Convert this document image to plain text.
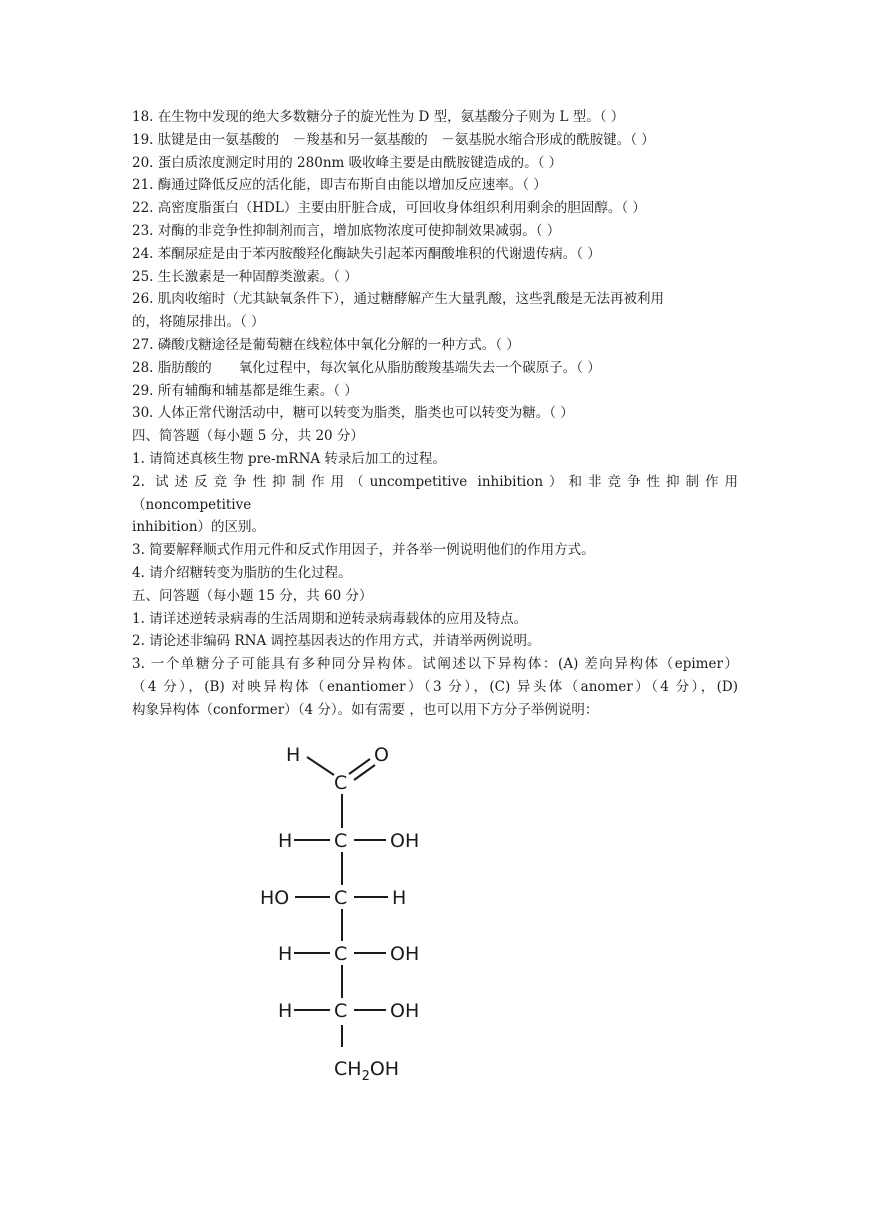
18. 在生物中发现的绝大多数糖分子的旋光性为 D 型，氨基酸分子则为 L 型。（ ）
19. 肽键是由一氨基酸的　－羧基和另一氨基酸的　－氨基脱水缩合形成的酰胺键。（ ）
20. 蛋白质浓度测定时用的 280nm 吸收峰主要是由酰胺键造成的。（ ）
21. 酶通过降低反应的活化能，即吉布斯自由能以增加反应速率。（ ）
22. 高密度脂蛋白（HDL）主要由肝脏合成，可回收身体组织利用剩余的胆固醇。（ ）
23. 对酶的非竞争性抑制剂而言，增加底物浓度可使抑制效果减弱。（ ）
24. 苯酮尿症是由于苯丙胺酸羟化酶缺失引起苯丙酮酸堆积的代谢遗传病。（ ）
25. 生长激素是一种固醇类激素。（ ）
26. 肌肉收缩时（尤其缺氧条件下），通过糖酵解产生大量乳酸，这些乳酸是无法再被利用
的，将随尿排出。（ ）
27. 磷酸戊糖途径是葡萄糖在线粒体中氧化分解的一种方式。（ ）
28. 脂肪酸的　　氧化过程中，每次氧化从脂肪酸羧基端失去一个碳原子。（ ）
29. 所有辅酶和辅基都是维生素。（ ）
30. 人体正常代谢活动中，糖可以转变为脂类，脂类也可以转变为糖。（ ）
四、简答题（每小题 5 分，共 20 分）
1. 请简述真核生物 pre-mRNA 转录后加工的过程。
2. 试述反竞争性抑制作用（uncompetitive inhibition）和非竞争性抑制作用
（noncompetitive
inhibition）的区别。
3. 简要解释顺式作用元件和反式作用因子，并各举一例说明他们的作用方式。
4. 请介绍糖转变为脂肪的生化过程。
五、问答题（每小题 15 分，共 60 分）
1. 请详述逆转录病毒的生活周期和逆转录病毒载体的应用及特点。
2. 请论述非编码 RNA 调控基因表达的作用方式，并请举两例说明。
3. 一个单糖分子可能具有多种同分异构体。试阐述以下异构体：(A) 差向异构体（epimer）
（4 分），(B) 对映异构体（enantiomer）（3 分），(C) 异头体（anomer）（4 分），(D)
构象异构体（conformer）（4 分）。如有需要 ，也可以用下方分子举例说明：
H	O
C
C
H	OH
C
HO	H
C
H	OH
C
H	OH
$CH_2OH$
